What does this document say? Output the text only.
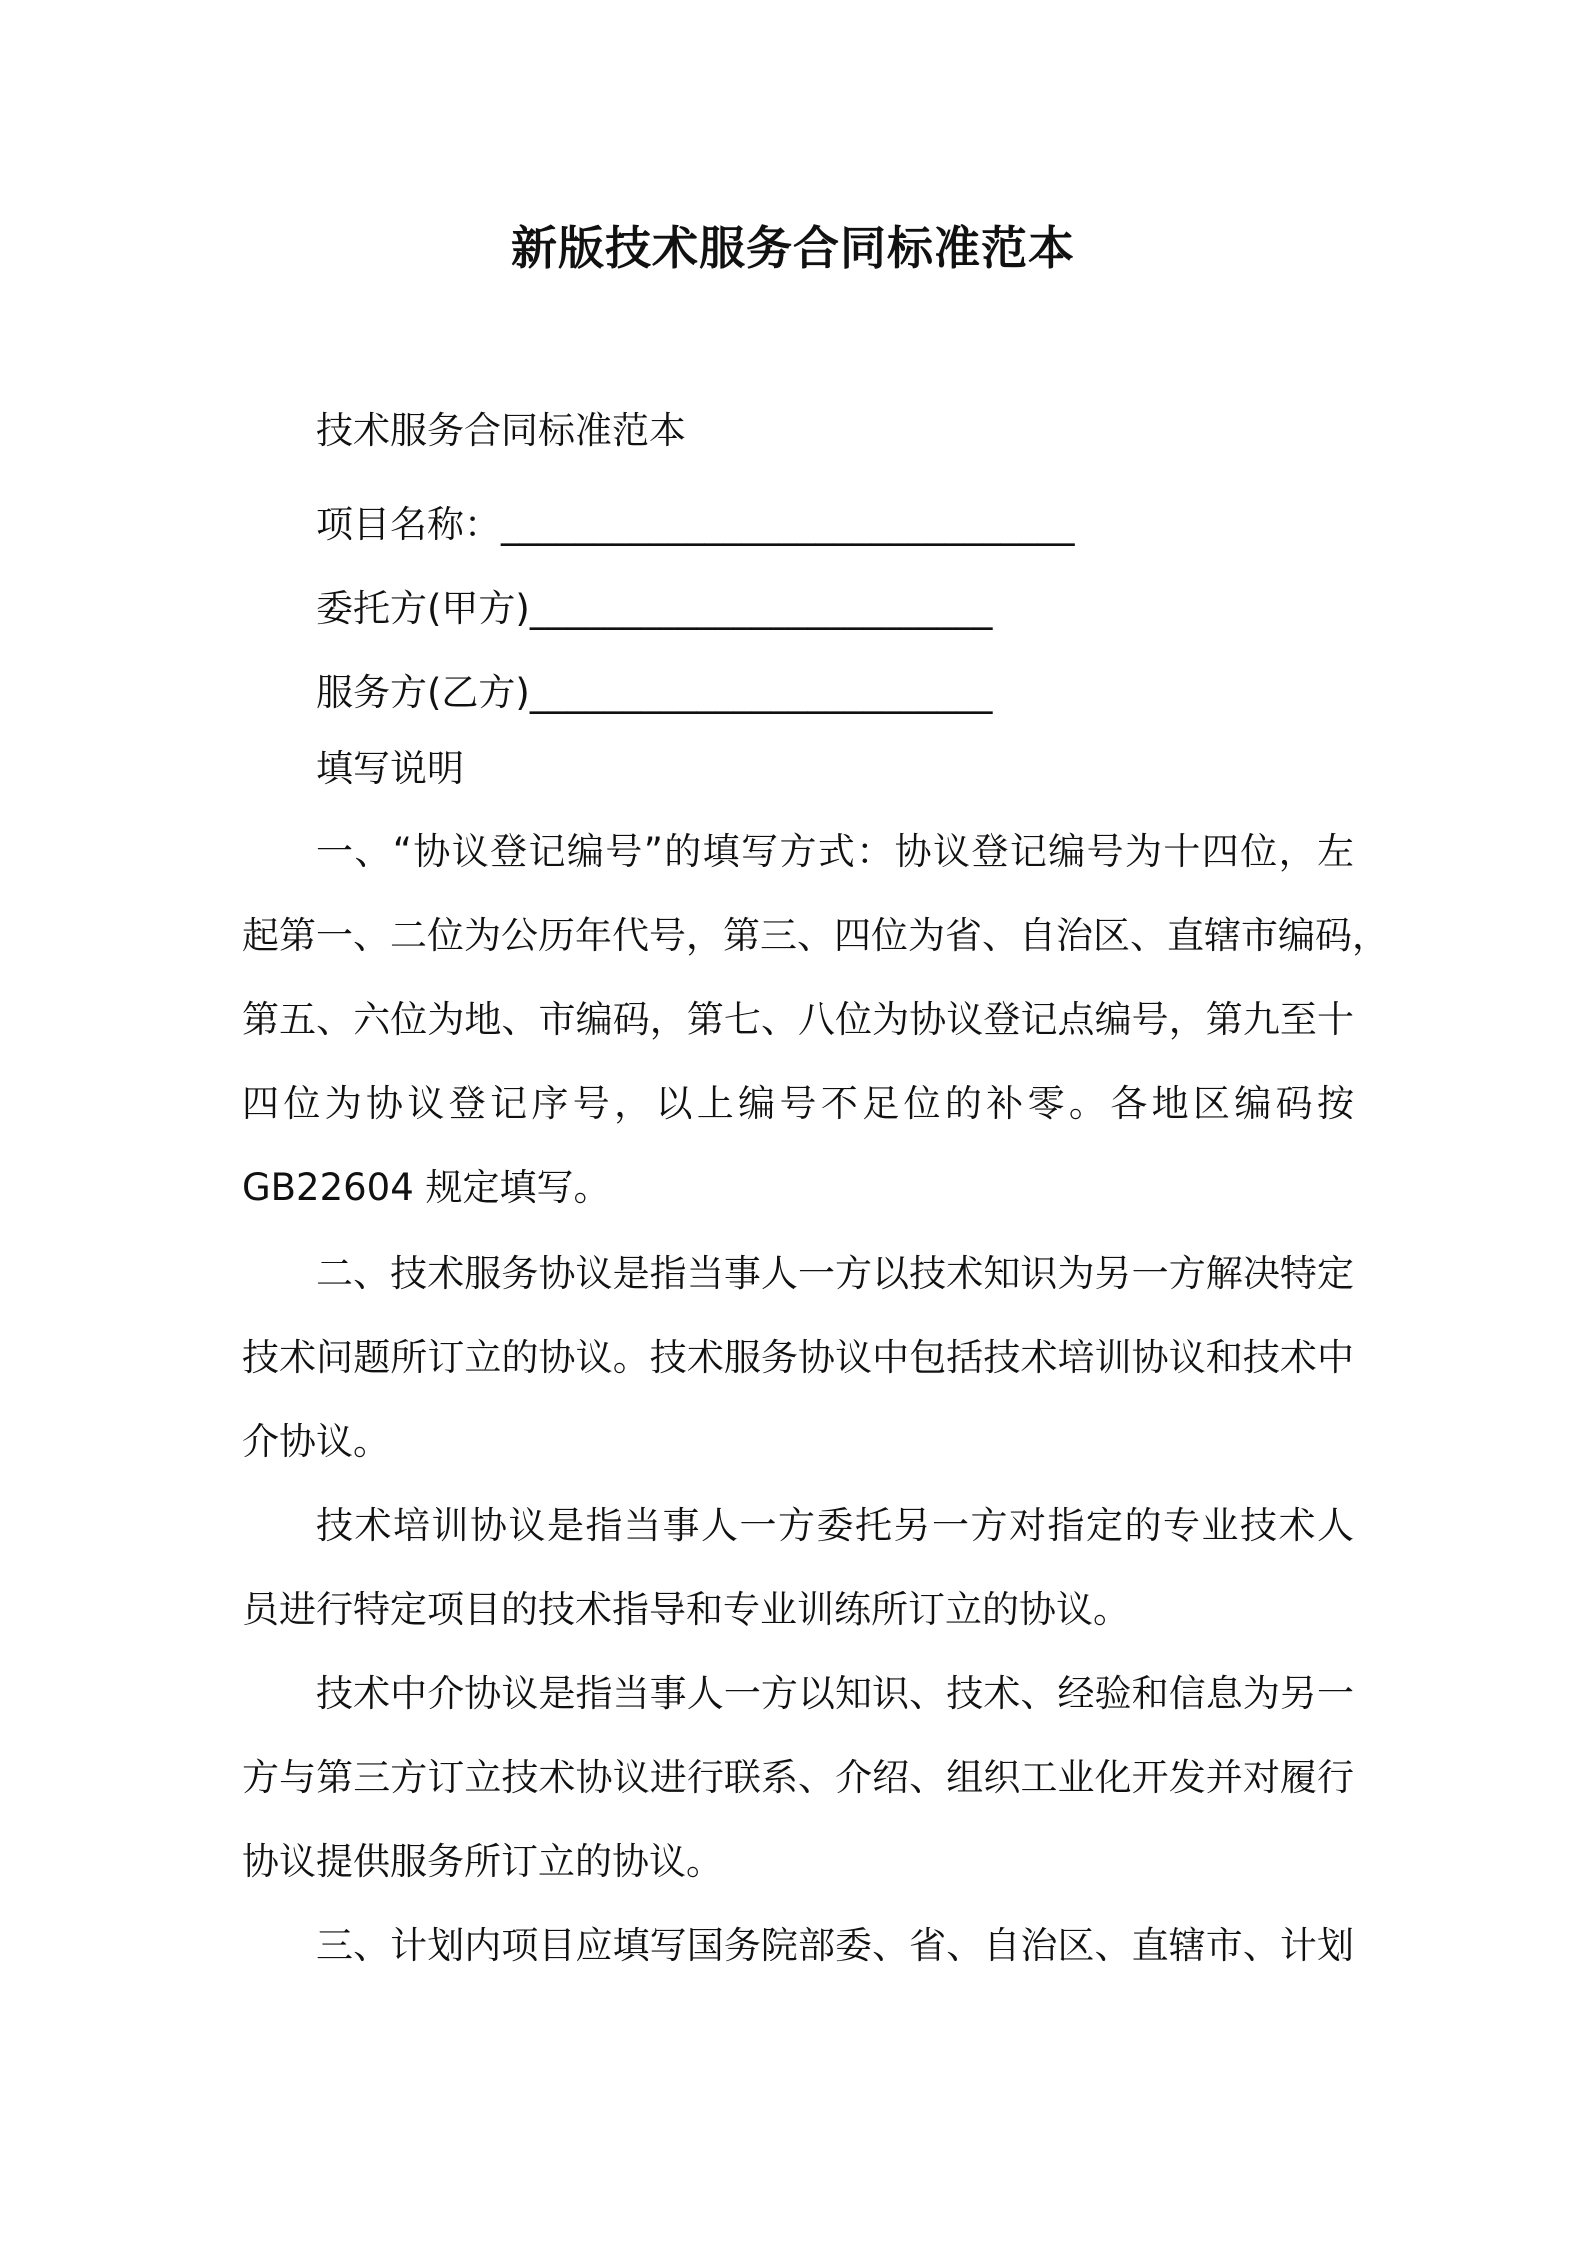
新版技术服务合同标准范本
技术服务合同标准范本
项目名称：_______________________________
委托方(甲方)_________________________
服务方(乙方)_________________________
填写说明
一、“协议登记编号”的填写方式：协议登记编号为十四位，左
起第一、二位为公历年代号，第三、四位为省、自治区、直辖市编码，
第五、六位为地、市编码，第七、八位为协议登记点编号，第九至十
四位为协议登记序号，以上编号不足位的补零。各地区编码按
GB22604 规定填写。
二、技术服务协议是指当事人一方以技术知识为另一方解决特定
技术问题所订立的协议。技术服务协议中包括技术培训协议和技术中
介协议。
技术培训协议是指当事人一方委托另一方对指定的专业技术人
员进行特定项目的技术指导和专业训练所订立的协议。
技术中介协议是指当事人一方以知识、技术、经验和信息为另一
方与第三方订立技术协议进行联系、介绍、组织工业化开发并对履行
协议提供服务所订立的协议。
三、计划内项目应填写国务院部委、省、自治区、直辖市、计划
